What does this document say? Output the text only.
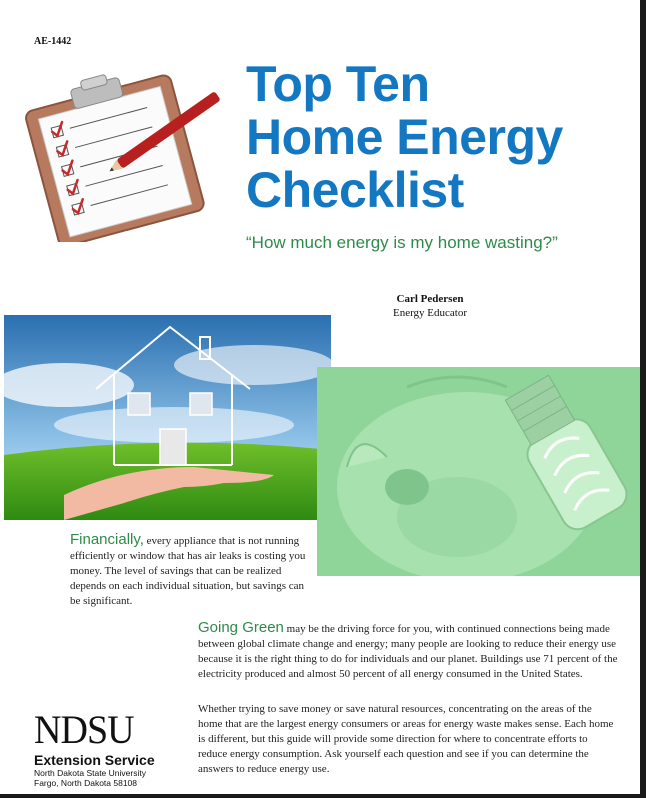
AE-1442
Top Ten
Home Energy
Checklist
“How much energy is my home wasting?”
Carl Pedersen
Energy Educator
Financially, every appliance that is not running efficiently or window that has air leaks is costing you money. The level of savings that can be realized depends on each individual situation, but savings can be significant.
Going Green may be the driving force for you, with continued connections being made between global climate change and energy; many people are looking to reduce their energy use because it is the right thing to do for individuals and our planet. Buildings use 71 percent of the electricity produced and almost 50 percent of all energy consumed in the United States.
Whether trying to save money or save natural resources, concentrating on the areas of the home that are the largest energy consumers or areas for energy waste makes sense. Each home is different, but this guide will provide some direction for where to concentrate efforts to reduce energy consumption. Ask yourself each question and see if you can determine the answers to reduce energy use.
NDSU
Extension Service
North Dakota State University
Fargo, North Dakota 58108
